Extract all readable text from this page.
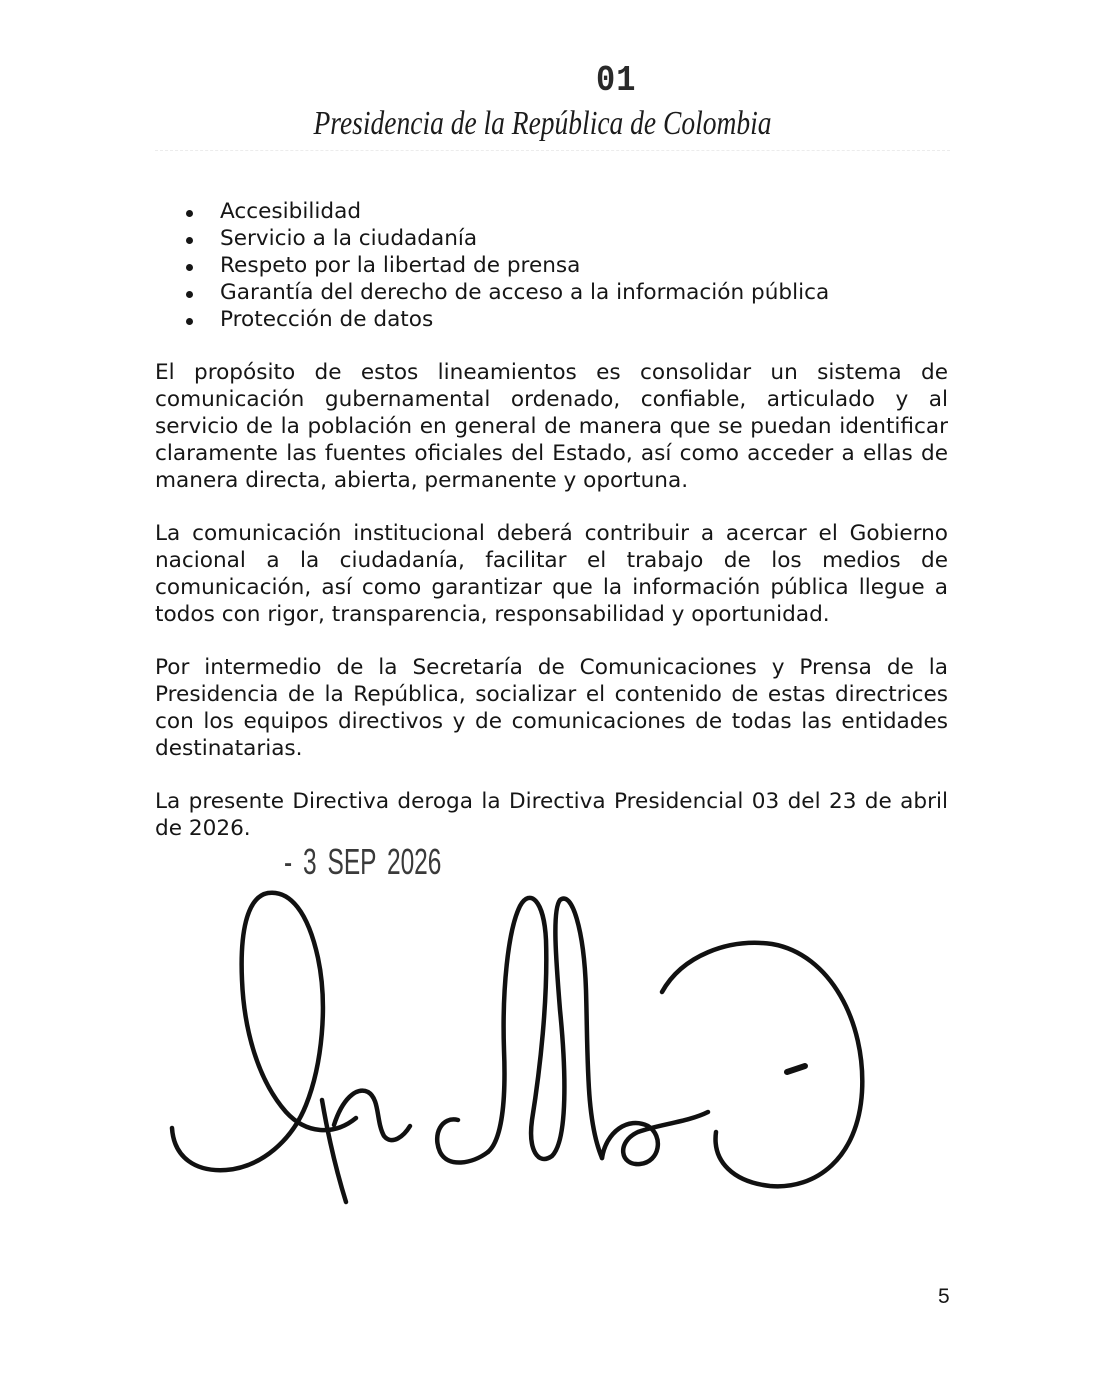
01
Presidencia de la República de Colombia
Accesibilidad
Servicio a la ciudadanía
Respeto por la libertad de prensa
Garantía del derecho de acceso a la información pública
Protección de datos
El propósito de estos lineamientos es consolidar un sistema de
comunicación gubernamental ordenado, confiable, articulado y al
servicio de la población en general de manera que se puedan identificar
claramente las fuentes oficiales del Estado, así como acceder a ellas de
manera directa, abierta, permanente y oportuna.
La comunicación institucional deberá contribuir a acercar el Gobierno
nacional a la ciudadanía, facilitar el trabajo de los medios de
comunicación, así como garantizar que la información pública llegue a
todos con rigor, transparencia, responsabilidad y oportunidad.
Por intermedio de la Secretaría de Comunicaciones y Prensa de la
Presidencia de la República, socializar el contenido de estas directrices
con los equipos directivos y de comunicaciones de todas las entidades
destinatarias.
La presente Directiva deroga la Directiva Presidencial 03 del 23 de abril
de 2026.
- 3 SEP 2026
5
